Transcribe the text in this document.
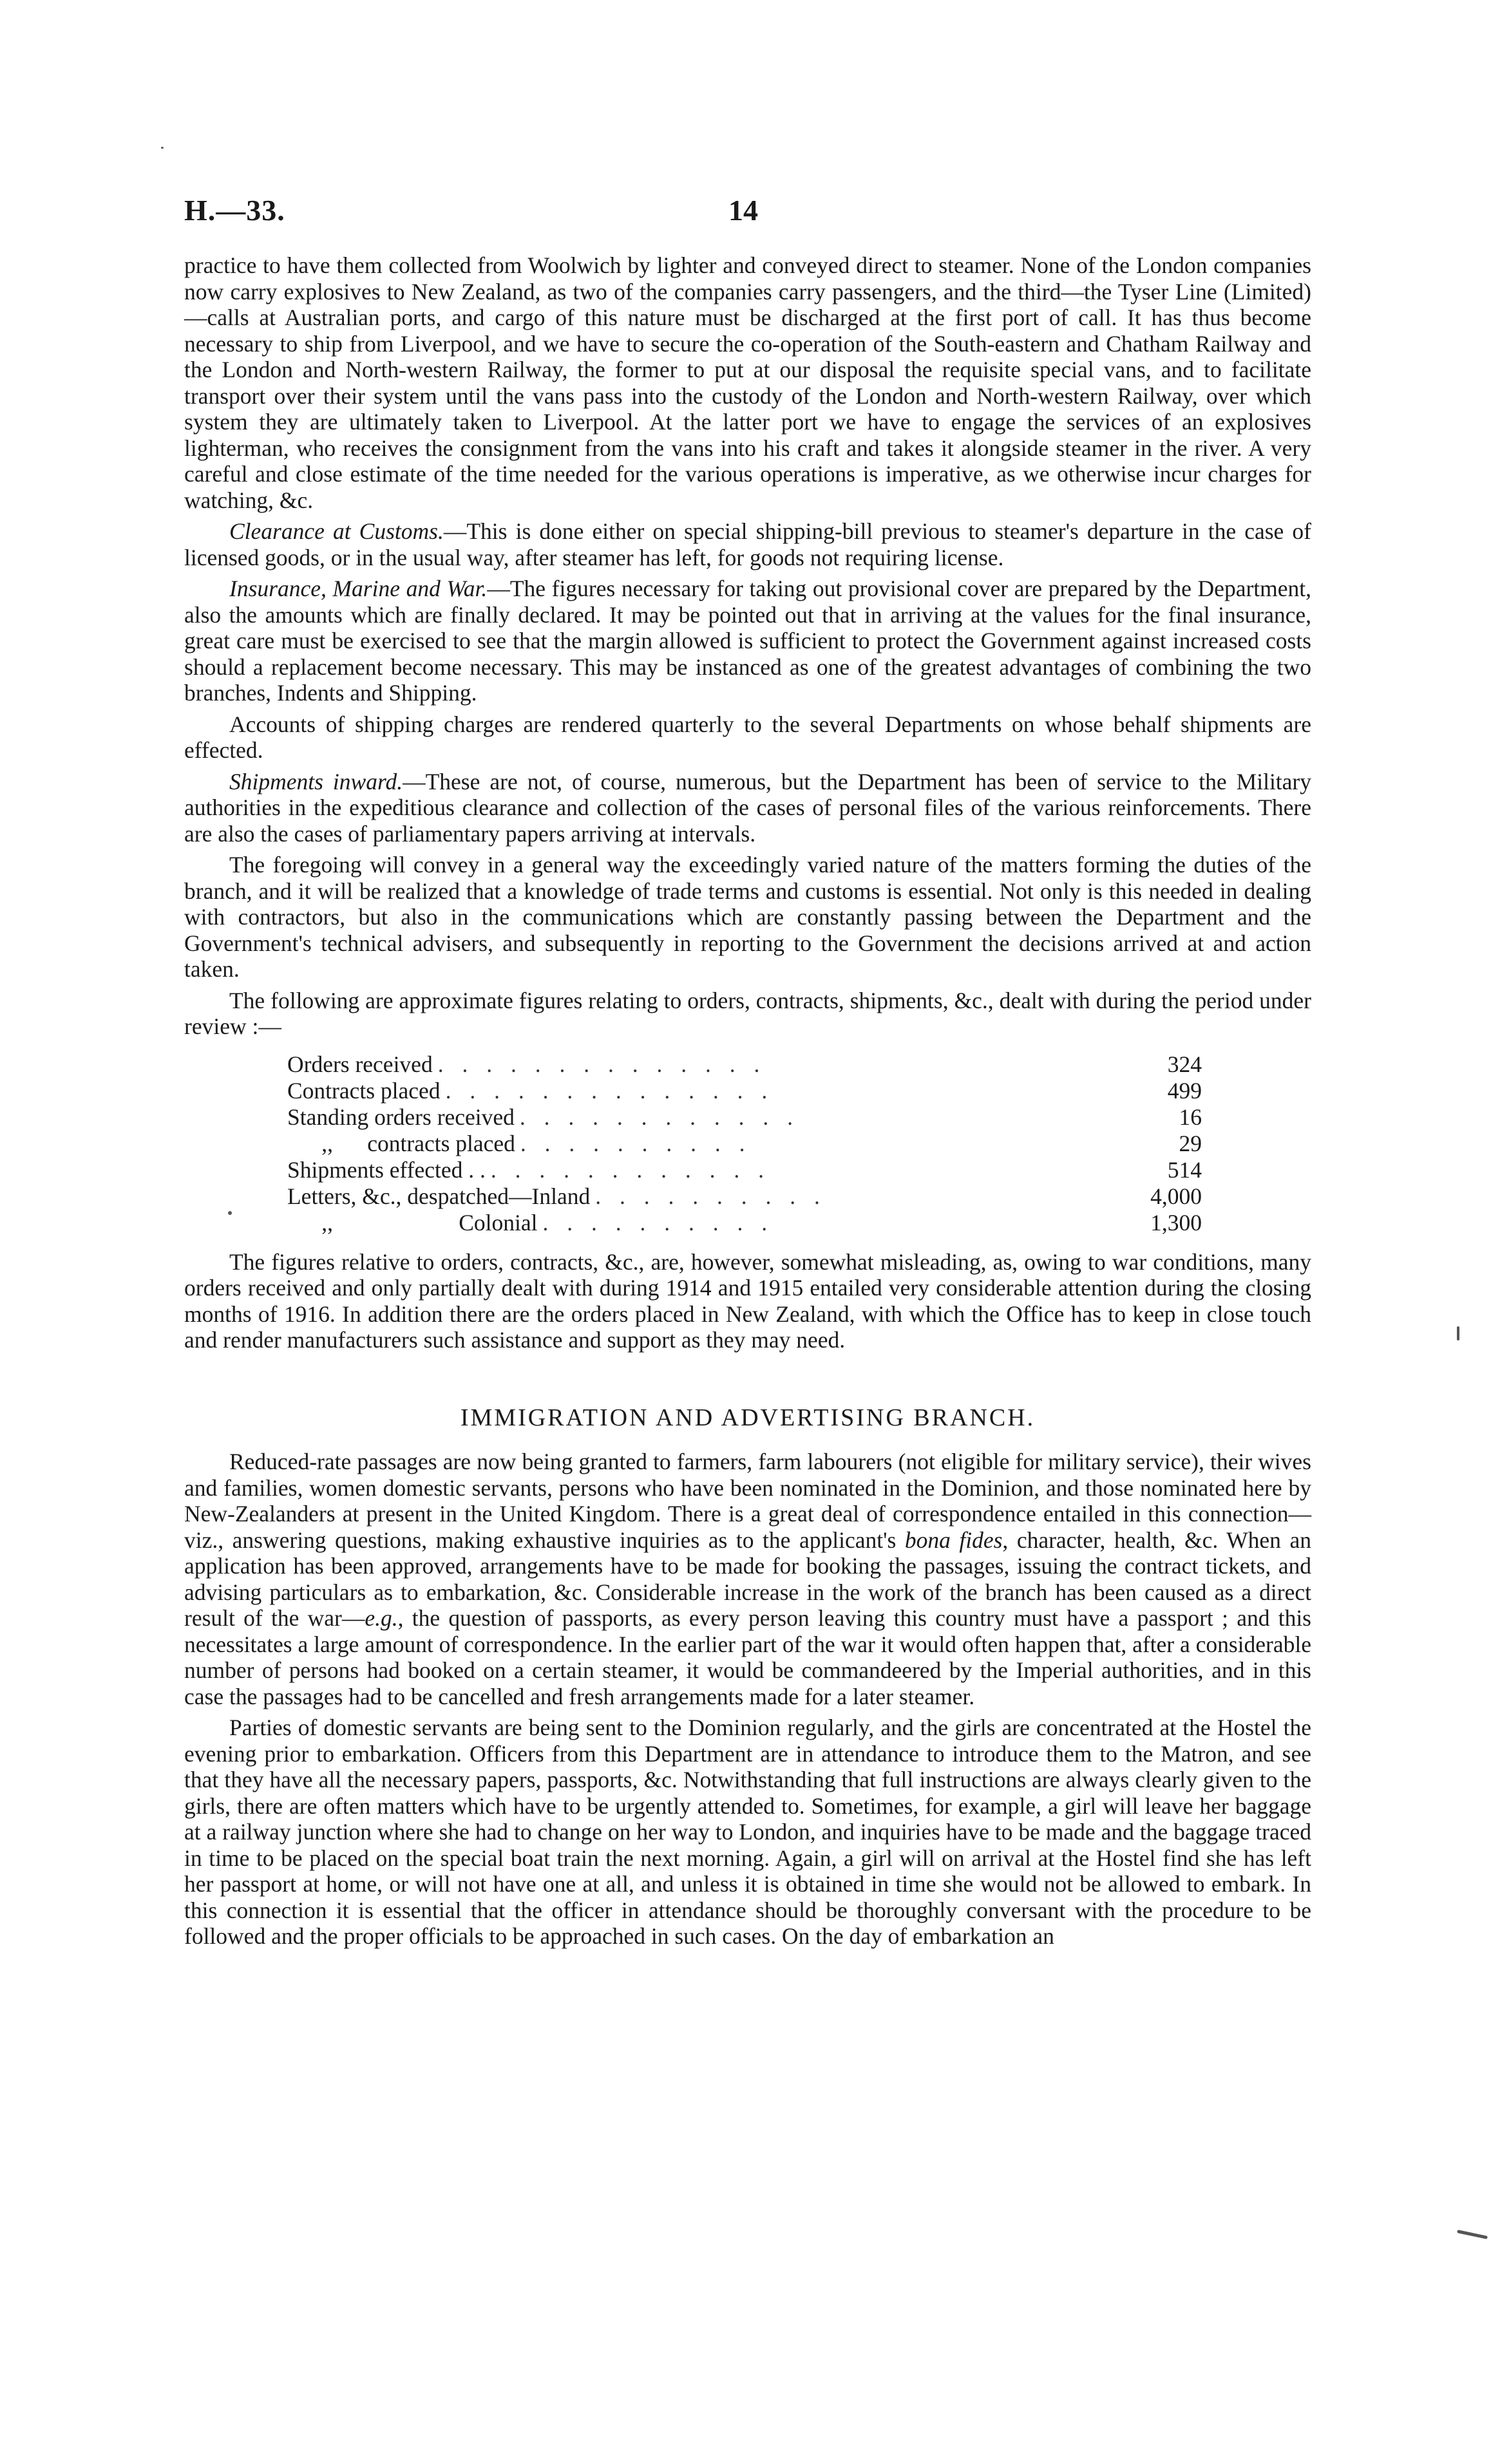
H.—33.	14

practice to have them collected from Woolwich by lighter and conveyed direct to steamer. None of the London companies now carry explosives to New Zealand, as two of the companies carry passengers, and the third—the Tyser Line (Limited)—calls at Australian ports, and cargo of this nature must be discharged at the first port of call. It has thus become necessary to ship from Liverpool, and we have to secure the co-operation of the South-eastern and Chatham Railway and the London and North-western Railway, the former to put at our disposal the requisite special vans, and to facilitate transport over their system until the vans pass into the custody of the London and North-western Railway, over which system they are ultimately taken to Liverpool. At the latter port we have to engage the services of an explosives lighterman, who receives the consignment from the vans into his craft and takes it alongside steamer in the river. A very careful and close estimate of the time needed for the various operations is imperative, as we otherwise incur charges for watching, &c.

Clearance at Customs.—This is done either on special shipping-bill previous to steamer's departure in the case of licensed goods, or in the usual way, after steamer has left, for goods not requiring license.

Insurance, Marine and War.—The figures necessary for taking out provisional cover are prepared by the Department, also the amounts which are finally declared. It may be pointed out that in arriving at the values for the final insurance, great care must be exercised to see that the margin allowed is sufficient to protect the Government against increased costs should a replacement become necessary. This may be instanced as one of the greatest advantages of combining the two branches, Indents and Shipping.

Accounts of shipping charges are rendered quarterly to the several Departments on whose behalf shipments are effected.

Shipments inward.—These are not, of course, numerous, but the Department has been of service to the Military authorities in the expeditious clearance and collection of the cases of personal files of the various reinforcements. There are also the cases of parliamentary papers arriving at intervals.

The foregoing will convey in a general way the exceedingly varied nature of the matters forming the duties of the branch, and it will be realized that a knowledge of trade terms and customs is essential. Not only is this needed in dealing with contractors, but also in the communications which are constantly passing between the Department and the Government's technical advisers, and subsequently in reporting to the Government the decisions arrived at and action taken.

The following are approximate figures relating to orders, contracts, shipments, &c., dealt with during the period under review :—

Orders received . . . . . . . . . . . . . .	324
Contracts placed . . . . . . . . . . . . . .	499
Standing orders received . . . . . . . . . . . .	16
,,      contracts placed . . . . . . . . . .	29
Shipments effected . . . . . . . . . . . . . .	514
Letters, &c., despatched—Inland . . . . . . . . . .	4,000
,,                      Colonial . . . . . . . . . .	1,300

The figures relative to orders, contracts, &c., are, however, somewhat misleading, as, owing to war conditions, many orders received and only partially dealt with during 1914 and 1915 entailed very considerable attention during the closing months of 1916. In addition there are the orders placed in New Zealand, with which the Office has to keep in close touch and render manufacturers such assistance and support as they may need.

IMMIGRATION AND ADVERTISING BRANCH.

Reduced-rate passages are now being granted to farmers, farm labourers (not eligible for military service), their wives and families, women domestic servants, persons who have been nominated in the Dominion, and those nominated here by New-Zealanders at present in the United Kingdom. There is a great deal of correspondence entailed in this connection—viz., answering questions, making exhaustive inquiries as to the applicant's bona fides, character, health, &c. When an application has been approved, arrangements have to be made for booking the passages, issuing the contract tickets, and advising particulars as to embarkation, &c. Considerable increase in the work of the branch has been caused as a direct result of the war—e.g., the question of passports, as every person leaving this country must have a passport ; and this necessitates a large amount of correspondence. In the earlier part of the war it would often happen that, after a considerable number of persons had booked on a certain steamer, it would be commandeered by the Imperial authorities, and in this case the passages had to be cancelled and fresh arrangements made for a later steamer.

Parties of domestic servants are being sent to the Dominion regularly, and the girls are concentrated at the Hostel the evening prior to embarkation. Officers from this Department are in attendance to introduce them to the Matron, and see that they have all the necessary papers, passports, &c. Notwithstanding that full instructions are always clearly given to the girls, there are often matters which have to be urgently attended to. Sometimes, for example, a girl will leave her baggage at a railway junction where she had to change on her way to London, and inquiries have to be made and the baggage traced in time to be placed on the special boat train the next morning. Again, a girl will on arrival at the Hostel find she has left her passport at home, or will not have one at all, and unless it is obtained in time she would not be allowed to embark. In this connection it is essential that the officer in attendance should be thoroughly conversant with the procedure to be followed and the proper officials to be approached in such cases. On the day of embarkation an
